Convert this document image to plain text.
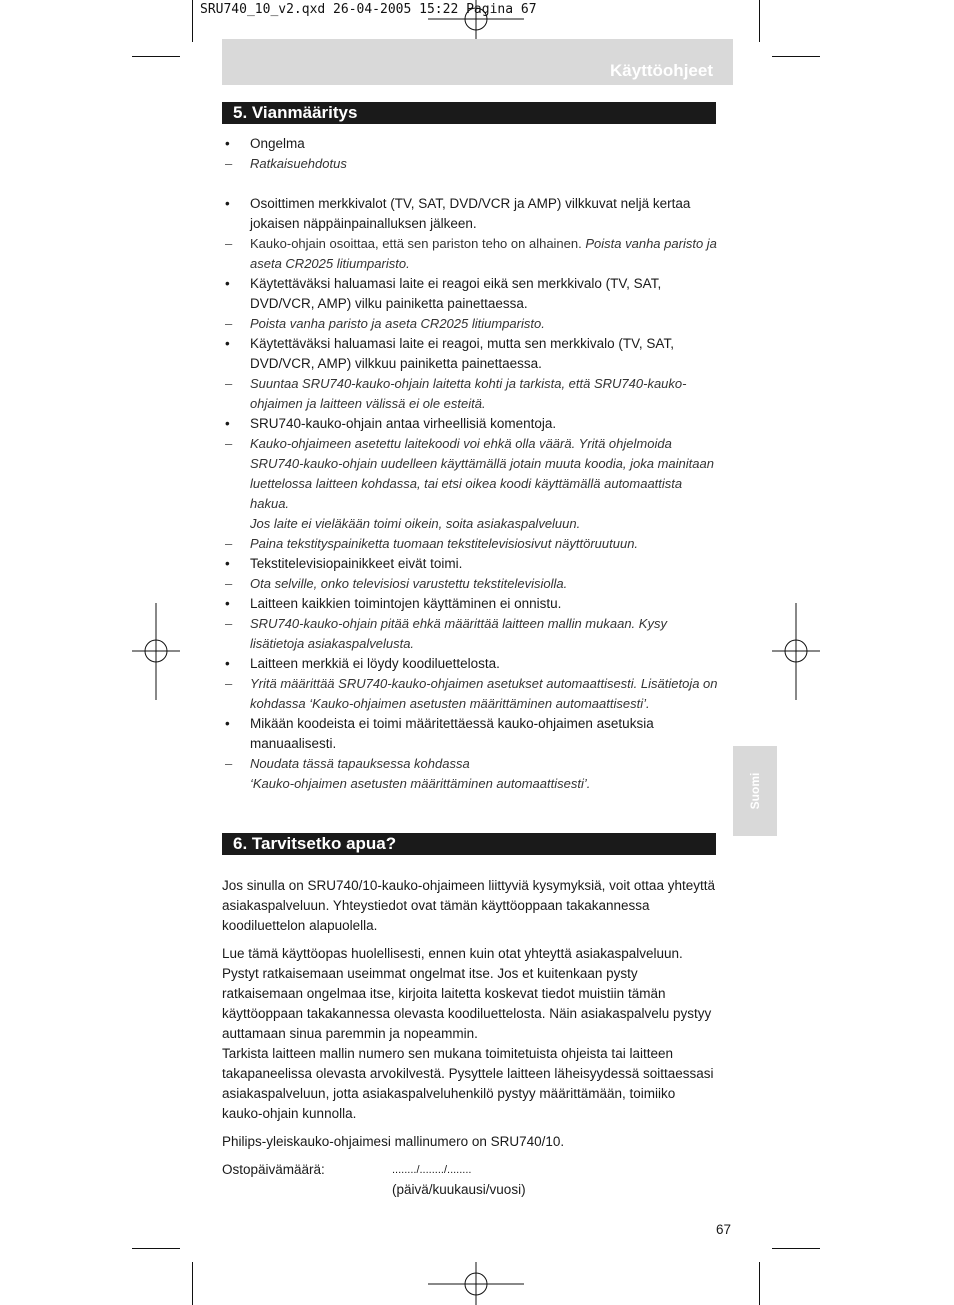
SRU740_10_v2.qxd 26-04-2005 15:22 Pagina 67
Käyttöohjeet
5. Vianmääritys
Suomi
• Ongelma
– Ratkaisuehdotus
• Osoittimen merkkivalot (TV, SAT, DVD/VCR ja AMP) vilkkuvat neljä kertaa jokaisen näppäinpainalluksen jälkeen.
– Kauko-ohjain osoittaa, että sen pariston teho on alhainen. Poista vanha paristo ja aseta CR2025 litiumparisto.
• Käytettäväksi haluamasi laite ei reagoi eikä sen merkkivalo (TV, SAT, DVD/VCR, AMP) vilku painiketta painettaessa.
– Poista vanha paristo ja aseta CR2025 litiumparisto.
• Käytettäväksi haluamasi laite ei reagoi, mutta sen merkkivalo (TV, SAT, DVD/VCR, AMP) vilkkuu painiketta painettaessa.
– Suuntaa SRU740-kauko-ohjain laitetta kohti ja tarkista, että SRU740-kauko-ohjaimen ja laitteen välissä ei ole esteitä.
• SRU740-kauko-ohjain antaa virheellisiä komentoja.
– Kauko-ohjaimeen asetettu laitekoodi voi ehkä olla väärä. Yritä ohjelmoida SRU740-kauko-ohjain uudelleen käyttämällä jotain muuta koodia, joka mainitaan luettelossa laitteen kohdassa, tai etsi oikea koodi käyttämällä automaattista hakua.
Jos laite ei vieläkään toimi oikein, soita asiakaspalveluun.
– Paina tekstityspainiketta tuomaan tekstitelevisiosivut näyttöruutuun.
• Tekstitelevisiopainikkeet eivät toimi.
– Ota selville, onko televisiosi varustettu tekstitelevisiolla.
• Laitteen kaikkien toimintojen käyttäminen ei onnistu.
– SRU740-kauko-ohjain pitää ehkä määrittää laitteen mallin mukaan. Kysy lisätietoja asiakaspalvelusta.
• Laitteen merkkiä ei löydy koodiluettelosta.
– Yritä määrittää SRU740-kauko-ohjaimen asetukset automaattisesti. Lisätietoja on kohdassa ‘Kauko-ohjaimen asetusten määrittäminen automaattisesti’.
• Mikään koodeista ei toimi määritettäessä kauko-ohjaimen asetuksia manuaalisesti.
– Noudata tässä tapauksessa kohdassa
‘Kauko-ohjaimen asetusten määrittäminen automaattisesti’.
6. Tarvitsetko apua?

Jos sinulla on SRU740/10-kauko-ohjaimeen liittyviä kysymyksiä, voit ottaa yhteyttä asiakaspalveluun. Yhteystiedot ovat tämän käyttöoppaan takakannessa koodiluettelon alapuolella.

Lue tämä käyttöopas huolellisesti, ennen kuin otat yhteyttä asiakaspalveluun. Pystyt ratkaisemaan useimmat ongelmat itse. Jos et kuitenkaan pysty ratkaisemaan ongelmaa itse, kirjoita laitetta koskevat tiedot muistiin tämän käyttöoppaan takakannessa olevasta koodiluettelosta. Näin asiakaspalvelu pystyy auttamaan sinua paremmin ja nopeammin.

Tarkista laitteen mallin numero sen mukana toimitetuista ohjeista tai laitteen takapaneelissa olevasta arvokilvestä. Pysyttele laitteen läheisyydessä soittaessasi asiakaspalveluun, jotta asiakaspalveluhenkilö pystyy määrittämään, toimiiko kauko-ohjain kunnolla.

Philips-yleiskauko-ohjaimesi mallinumero on SRU740/10.

Ostopäivämäärä:	......../......../........
(päivä/kuukausi/vuosi)
67
